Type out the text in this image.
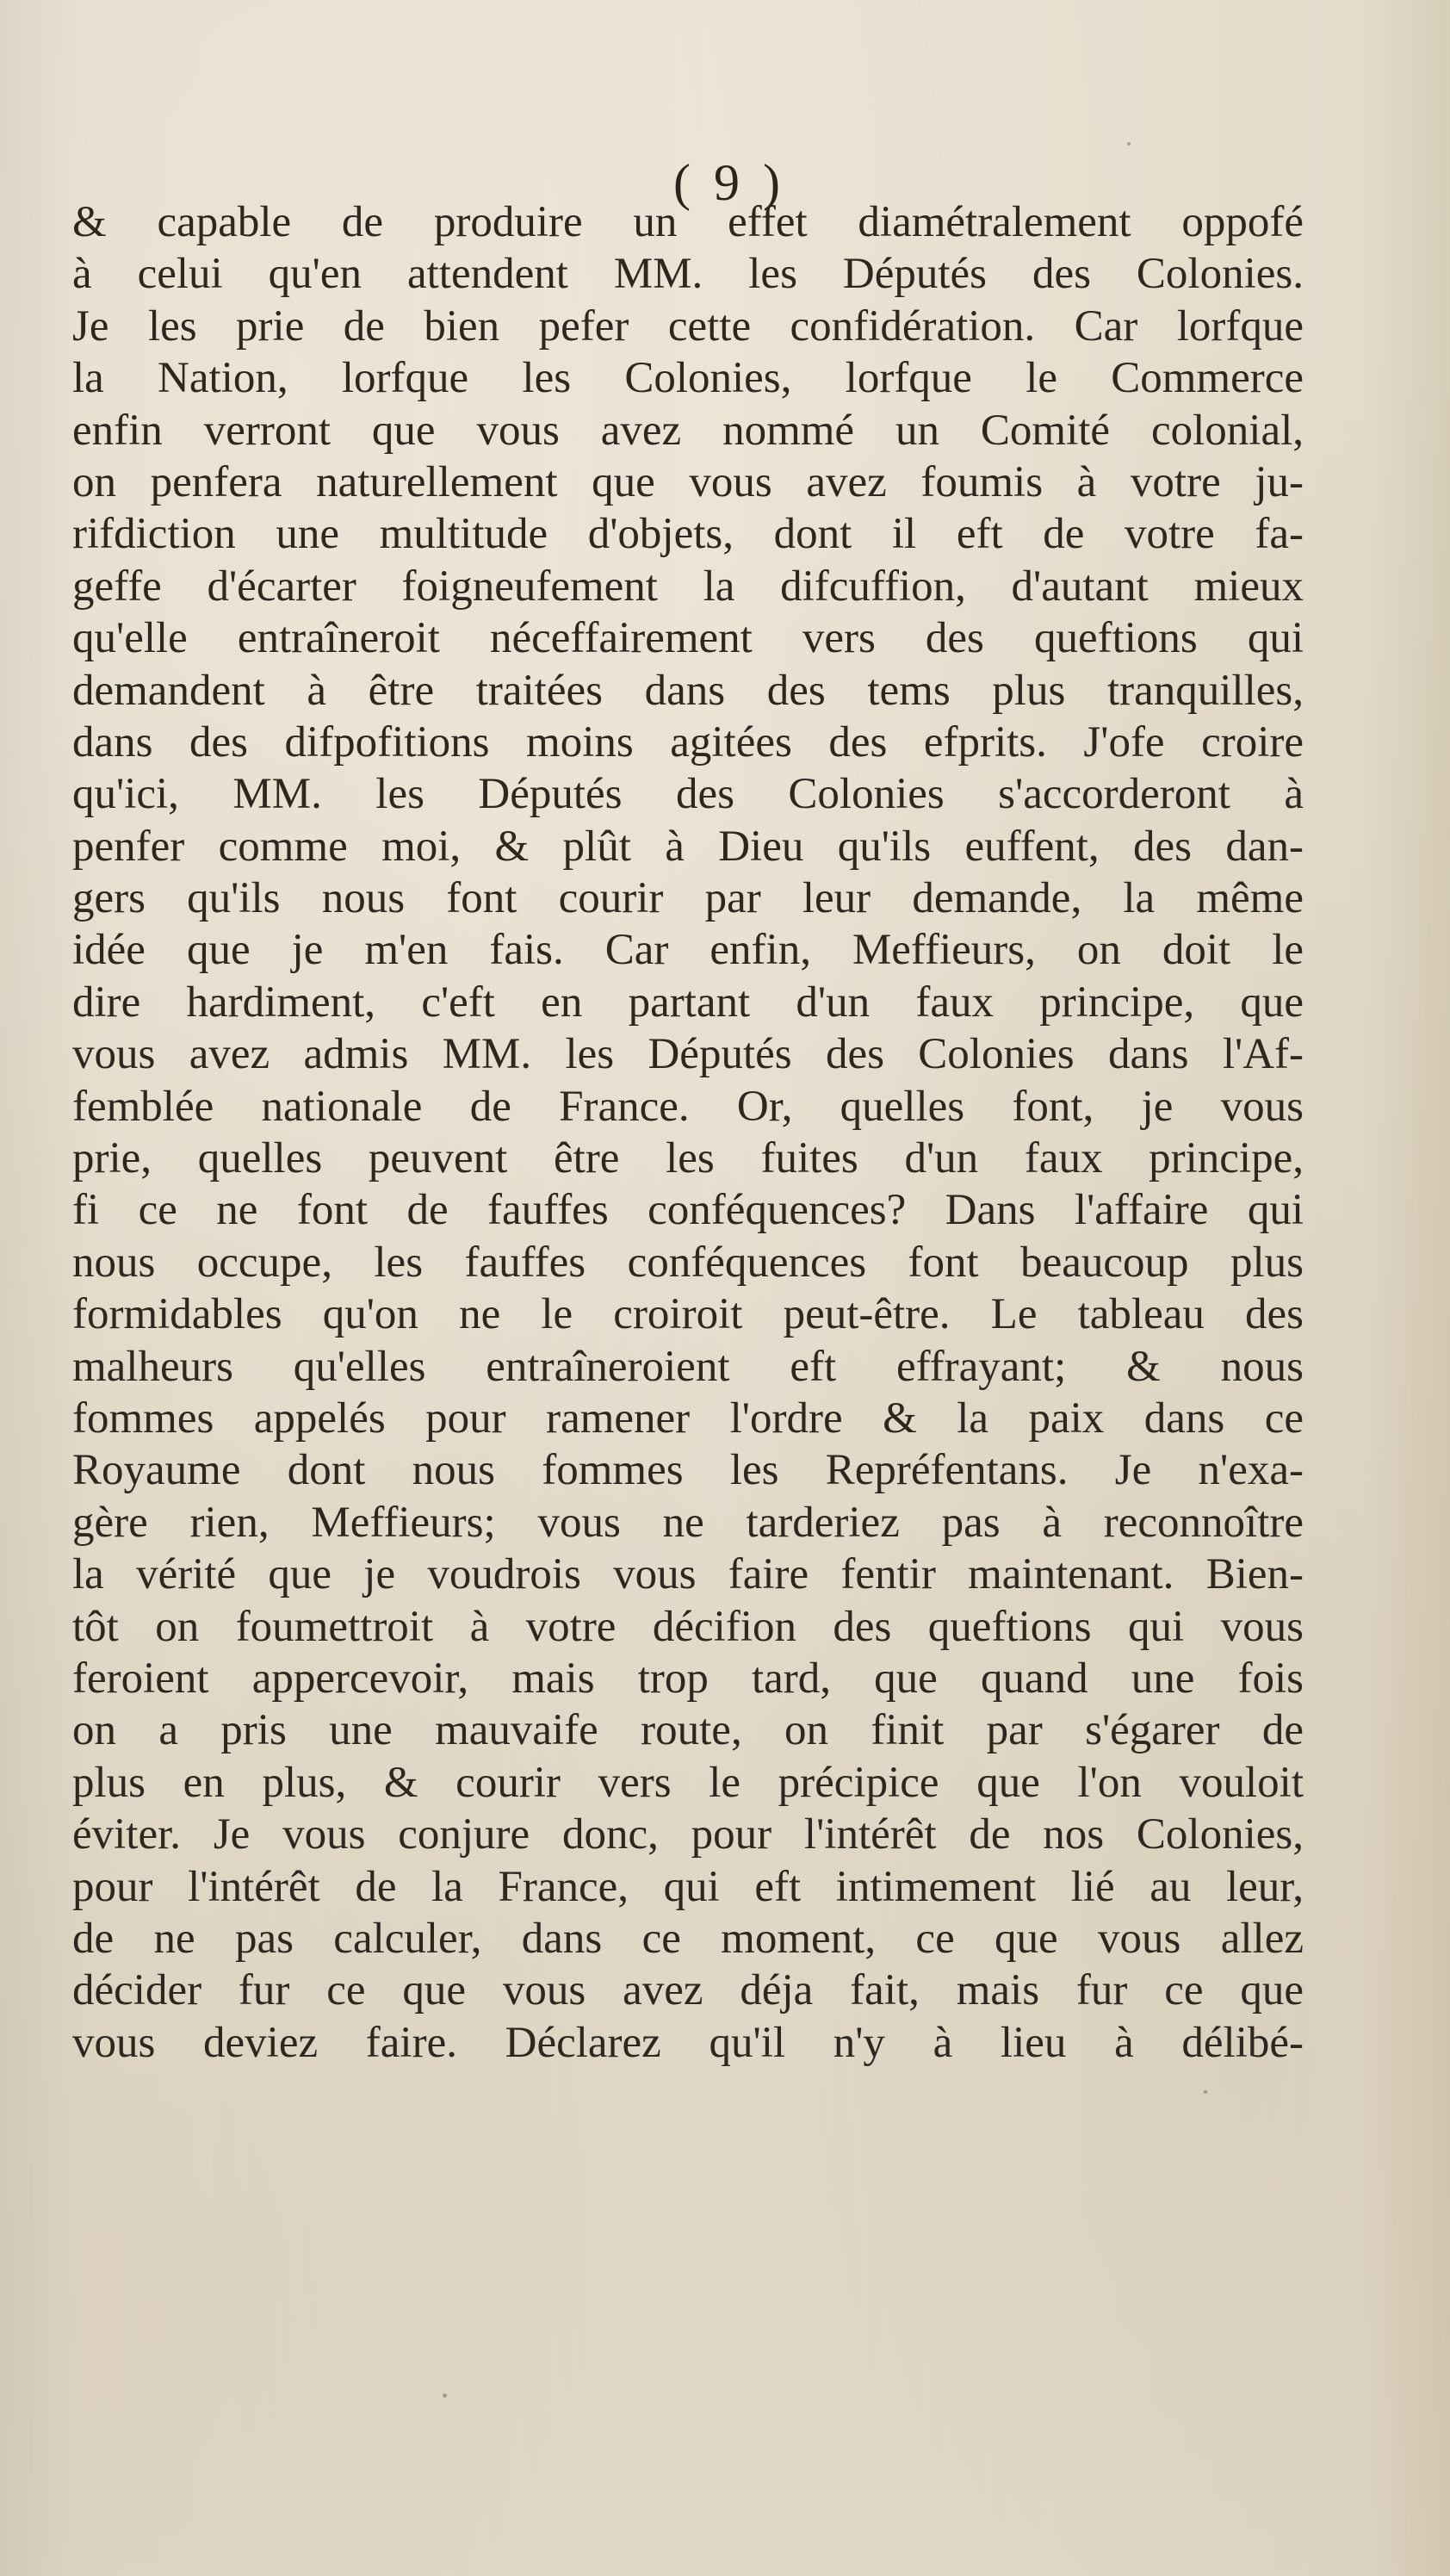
( 9 )
& capable de produire un effet diamétralement oppofé
à celui qu'en attendent MM. les Députés des Colonies.
Je les prie de bien pefer cette confidération. Car lorfque
la Nation, lorfque les Colonies, lorfque le Commerce
enfin verront que vous avez nommé un Comité colonial,
on penfera naturellement que vous avez foumis à votre ju-
rifdiction une multitude d'objets, dont il eft de votre fa-
geffe d'écarter foigneufement la difcuffion, d'autant mieux
qu'elle entraîneroit néceffairement vers des queftions qui
demandent à être traitées dans des tems plus tranquilles,
dans des difpofitions moins agitées des efprits. J'ofe croire
qu'ici, MM. les Députés des Colonies s'accorderont à
penfer comme moi, & plût à Dieu qu'ils euffent, des dan-
gers qu'ils nous font courir par leur demande, la même
idée que je m'en fais. Car enfin, Meffieurs, on doit le
dire hardiment, c'eft en partant d'un faux principe, que
vous avez admis MM. les Députés des Colonies dans l'Af-
femblée nationale de France. Or, quelles font, je vous
prie, quelles peuvent être les fuites d'un faux principe,
fi ce ne font de fauffes conféquences? Dans l'affaire qui
nous occupe, les fauffes conféquences font beaucoup plus
formidables qu'on ne le croiroit peut-être. Le tableau des
malheurs qu'elles entraîneroient eft effrayant; & nous
fommes appelés pour ramener l'ordre & la paix dans ce
Royaume dont nous fommes les Repréfentans. Je n'exa-
gère rien, Meffieurs; vous ne tarderiez pas à reconnoître
la vérité que je voudrois vous faire fentir maintenant. Bien-
tôt on foumettroit à votre décifion des queftions qui vous
feroient appercevoir, mais trop tard, que quand une fois
on a pris une mauvaife route, on finit par s'égarer de
plus en plus, & courir vers le précipice que l'on vouloit
éviter. Je vous conjure donc, pour l'intérêt de nos Colonies,
pour l'intérêt de la France, qui eft intimement lié au leur,
de ne pas calculer, dans ce moment, ce que vous allez
décider fur ce que vous avez déja fait, mais fur ce que
vous deviez faire. Déclarez qu'il n'y à lieu à délibé-
